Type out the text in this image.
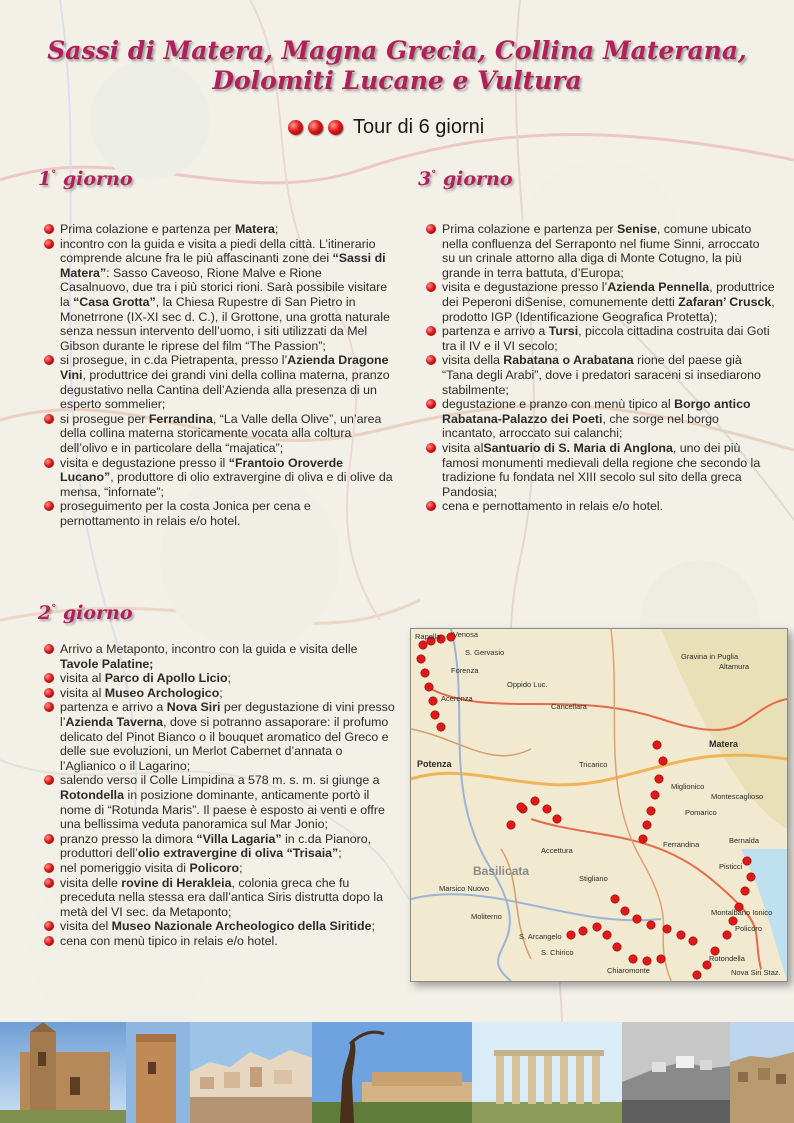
Sassi di Matera, Magna Grecia, Collina Materana,
Dolomiti Lucane e Vultura
Tour di 6 giorni
1° giorno
Prima colazione e partenza per Matera;
incontro con la guida e visita a piedi della città. L’itinerario comprende alcune fra le più affascinanti zone dei “Sassi di Matera”: Sasso Caveoso, Rione Malve e Rione Casalnuovo, due tra i più storici rioni. Sarà possibile visitare la “Casa Grotta”, la Chiesa Rupestre di San Pietro in Monetrrone (IX-XI sec d. C.), il Grottone, una grotta naturale senza nessun intervento dell’uomo, i siti utilizzati da Mel Gibson durante le riprese del film “The Passion”;
si prosegue, in c.da Pietrapenta, presso l’Azienda Dragone Vini, produttrice dei grandi vini della collina materna, pranzo degustativo nella Cantina dell’Azienda alla presenza di un esperto sommelier;
si prosegue per Ferrandina, “La Valle della Olive”, un’area della collina materna storicamente vocata alla coltura dell’olivo e in particolare della “majatica”;
visita e degustazione presso il “Frantoio Oroverde Lucano”, produttore di olio extravergine di oliva e di olive da mensa, “infornate”;
proseguimento per la costa Jonica per cena e pernottamento in relais e/o hotel.
2° giorno
Arrivo a Metaponto, incontro con la guida e visita delle Tavole Palatine;
visita al Parco di Apollo Licio;
visita al Museo Archologico;
partenza e arrivo a Nova Siri per degustazione di vini presso l’Azienda Taverna, dove si potranno assaporare: il profumo delicato del Pinot Bianco o il bouquet aromatico del Greco e delle sue evoluzioni, un Merlot Cabernet d’annata o l’Aglianico o il Lagarino;
salendo verso il Colle Limpidina a 578 m. s. m. si giunge a Rotondella in posizione dominante, anticamente portò il nome di “Rotunda Maris”. Il paese è esposto ai venti e offre una bellissima veduta panoramica sul Mar Jonio;
pranzo presso la dimora “Villa Lagaria” in c.da Pianoro, produttori dell’olio extravergine di oliva “Trisaia”;
nel pomeriggio visita di Policoro;
visita delle rovine di Herakleia, colonia greca che fu preceduta nella stessa era dall’antica Siris distrutta dopo la metà del VI sec. da Metaponto;
visita del Museo Nazionale Archeologico della Siritide;
cena con menù tipico in relais e/o hotel.
3° giorno
Prima colazione e partenza per Senise, comune ubicato nella confluenza del Serraponto nel fiume Sinni, arroccato su un crinale attorno alla diga di Monte Cotugno, la più grande in terra battuta, d’Europa;
visita e degustazione presso l’Azienda Pennella, produttrice dei Peperoni diSenise, comunemente detti Zafaran’ Crusck, prodotto IGP (Identificazione Geografica Protetta);
partenza e arrivo a Tursi, piccola cittadina costruita dai Goti tra il IV e il VI secolo;
visita della Rabatana o Arabatana rione del paese già “Tana degli Arabi”, dove i predatori saraceni si insediarono stabilmente;
degustazione e pranzo con menù tipico al Borgo antico Rabatana-Palazzo dei Poeti, che sorge nel borgo incantato, arroccato sui calanchi;
visita alSantuario di S. Maria di Anglona, uno dei più famosi monumenti medievali della regione che secondo la tradizione fu fondata nel XIII secolo sul sito della greca Pandosia;
cena e pernottamento in relais e/o hotel.
Rapolla Venosa
S. Gervasio
Forenza
Acerenza
Altamura
Gravina in Puglia
Oppido Luc.
Cancellara
Matera
Potenza	Tricarico
Miglionico
Montescaglioso
Pomarico
Ferrandina	Bernalda
Accettura
Basilicata	Pisticci
Stigliano
Montalbano Ionico
Policoro
S. Arcangelo
Rotondella
Nova Siri Staz.
Chiaromonte
S. Chirico
Marsico Nuovo
Moliterno
